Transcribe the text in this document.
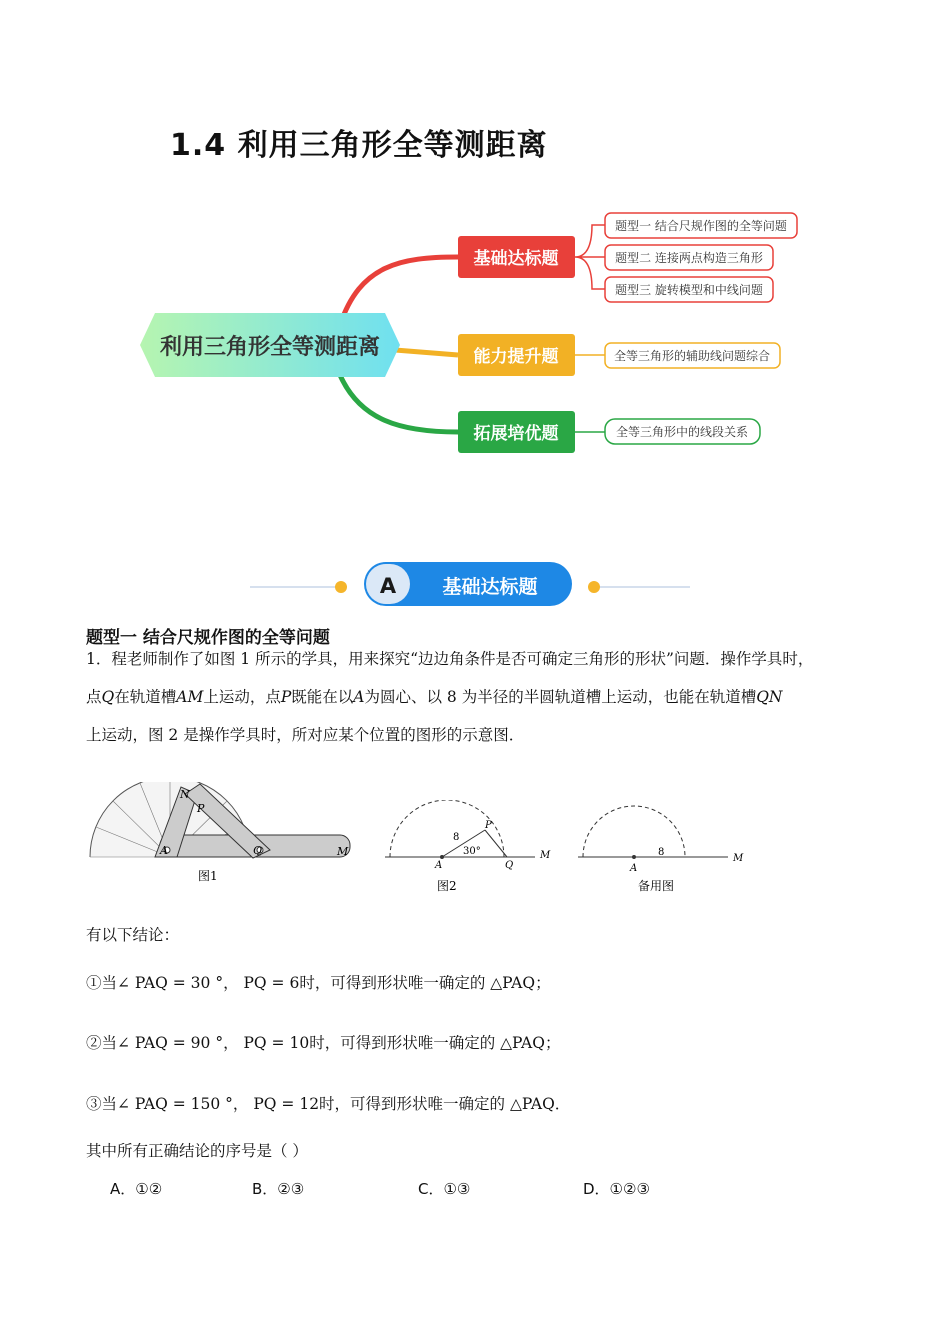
1.4 利用三角形全等测距离
利用三角形全等测距离
基础达标题
能力提升题
拓展培优题
题型一 结合尺规作图的全等问题
题型二 连接两点构造三角形
题型三 旋转模型和中线问题
全等三角形的辅助线问题综合
全等三角形中的线段关系
A 基础达标题
题型一 结合尺规作图的全等问题
1．程老师制作了如图 1 所示的学具，用来探究“边边角条件是否可确定三角形的形状”问题．操作学具时，
点Q在轨道槽AM上运动，点P既能在以A为圆心、以 8 为半径的半圆轨道槽上运动，也能在轨道槽QN
上运动，图 2 是操作学具时，所对应某个位置的图形的示意图．
N
P
A	Q	M
图1
8
30°
P
A	Q
M
图2
8
A
M
备用图
有以下结论：
①当∠ PAQ = 30 °， PQ = 6时，可得到形状唯一确定的 △PAQ；
②当∠ PAQ = 90 °， PQ = 10时，可得到形状唯一确定的 △PAQ；
③当∠ PAQ = 150 °， PQ = 12时，可得到形状唯一确定的 △PAQ．
其中所有正确结论的序号是（ ）
A．①②	B．②③	C．①③	D．①②③
